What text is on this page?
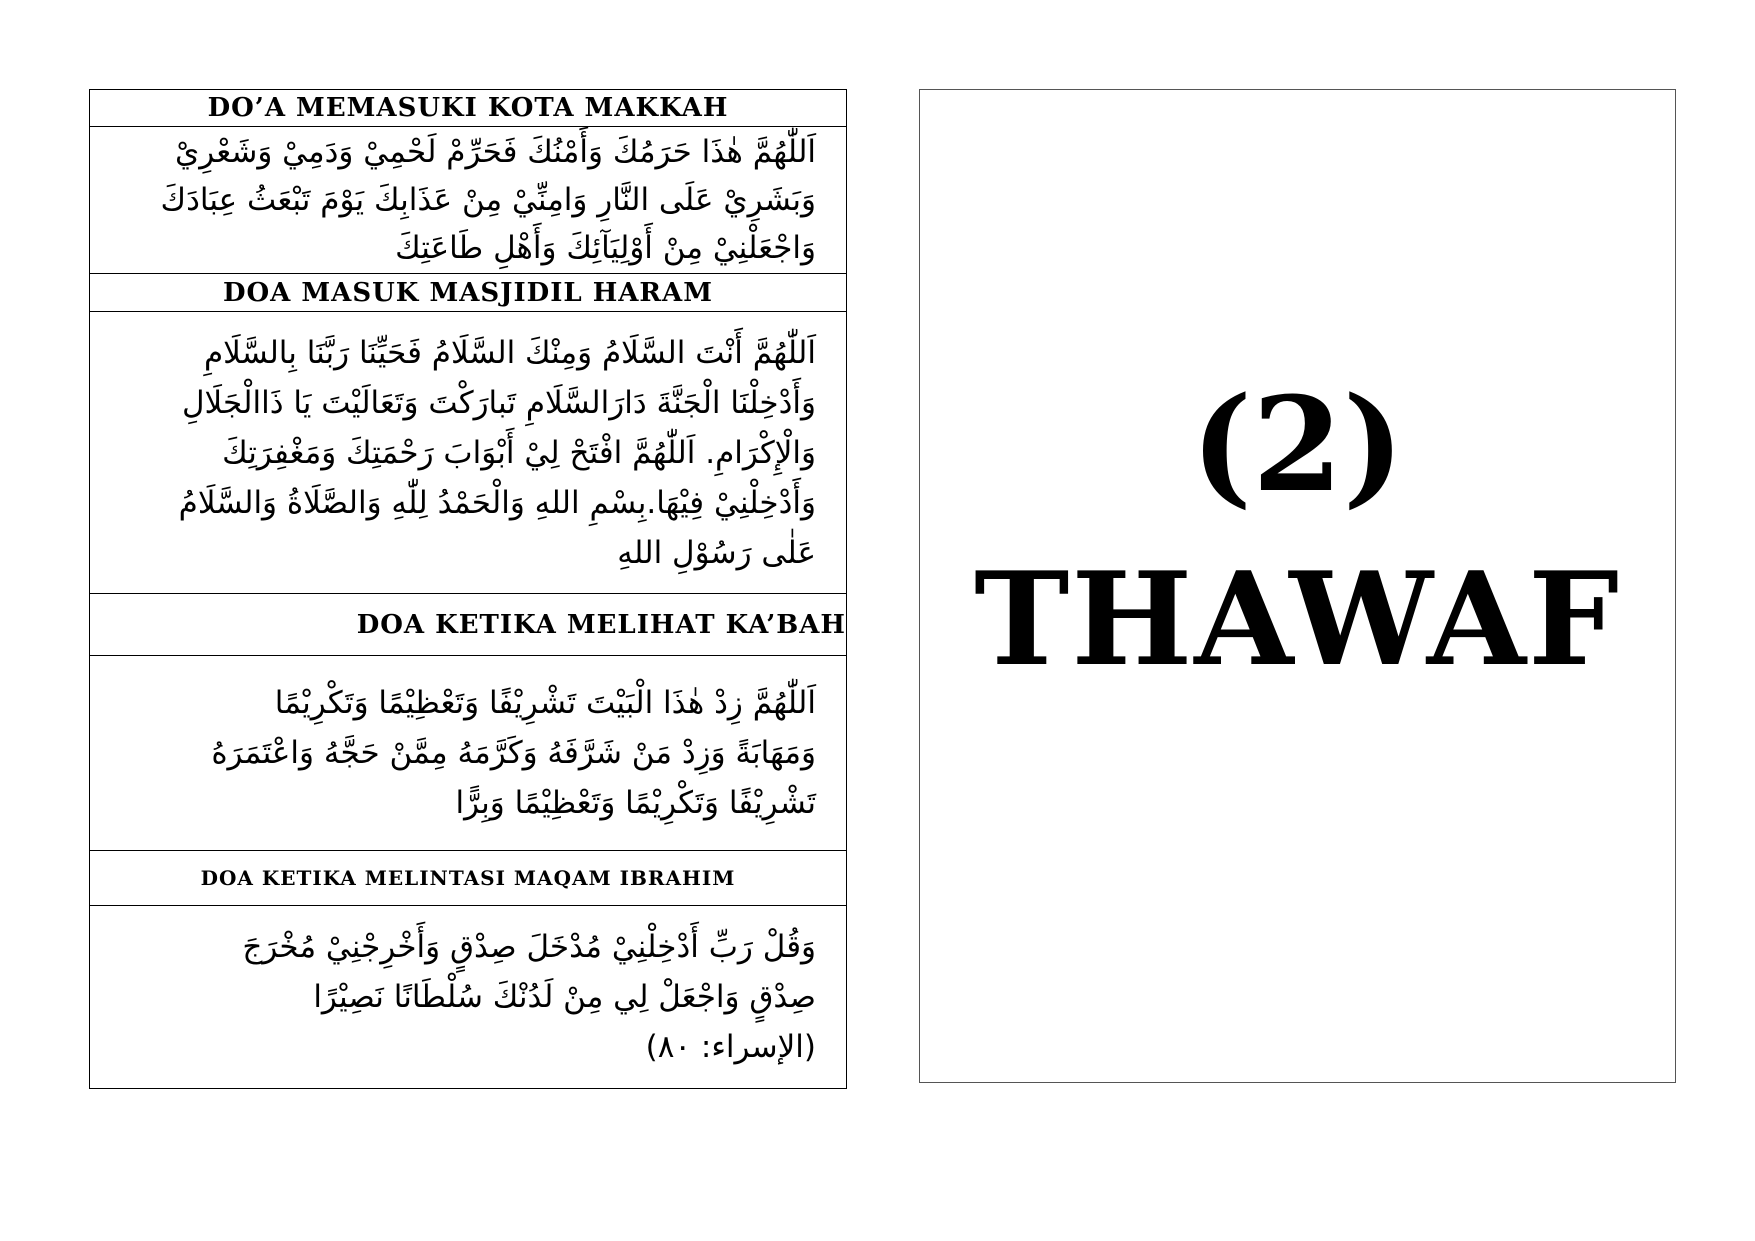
DO’A MEMASUKI KOTA MAKKAH

اَللّٰهُمَّ هٰذَا حَرَمُكَ وَأَمْنُكَ فَحَرِّمْ لَحْمِيْ وَدَمِيْ وَشَعْرِيْ
وَبَشَرِيْ عَلَى النَّارِ وَامِنِّيْ مِنْ عَذَابِكَ يَوْمَ تَبْعَثُ عِبَادَكَ
وَاجْعَلْنِيْ مِنْ أَوْلِيَآئِكَ وَأَهْلِ طَاعَتِكَ

DOA MASUK MASJIDIL HARAM

اَللّٰهُمَّ أَنْتَ السَّلَامُ وَمِنْكَ السَّلَامُ فَحَيِّنَا رَبَّنَا بِالسَّلَامِ
وَأَدْخِلْنَا الْجَنَّةَ دَارَالسَّلَامِ تَبارَكْتَ وَتَعَالَيْتَ يَا ذَاالْجَلَالِ
وَالْإِكْرَامِ. اَللّٰهُمَّ افْتَحْ لِيْ أَبْوَابَ رَحْمَتِكَ وَمَغْفِرَتِكَ
وَأَدْخِلْنِيْ فِيْهَا.بِسْمِ اللهِ وَالْحَمْدُ لِلّٰهِ وَالصَّلَاةُ وَالسَّلَامُ
عَلٰى رَسُوْلِ اللهِ

DOA KETIKA MELIHAT KA’BAH

اَللّٰهُمَّ زِدْ هٰذَا الْبَيْتَ تَشْرِيْفًا وَتَعْظِيْمًا وَتَكْرِيْمًا
وَمَهَابَةً وَزِدْ مَنْ شَرَّفَهُ وَكَرَّمَهُ مِمَّنْ حَجَّهُ وَاعْتَمَرَهُ
تَشْرِيْفًا وَتَكْرِيْمًا وَتَعْظِيْمًا وَبِرًّا

DOA KETIKA MELINTASI MAQAM IBRAHIM

وَقُلْ رَبِّ أَدْخِلْنِيْ مُدْخَلَ صِدْقٍ وَأَخْرِجْنِيْ مُخْرَجَ
صِدْقٍ وَاجْعَلْ لِي مِنْ لَدُنْكَ سُلْطَانًا نَصِيْرًا
(الإسراء: ٨٠)
(2)
THAWAF
